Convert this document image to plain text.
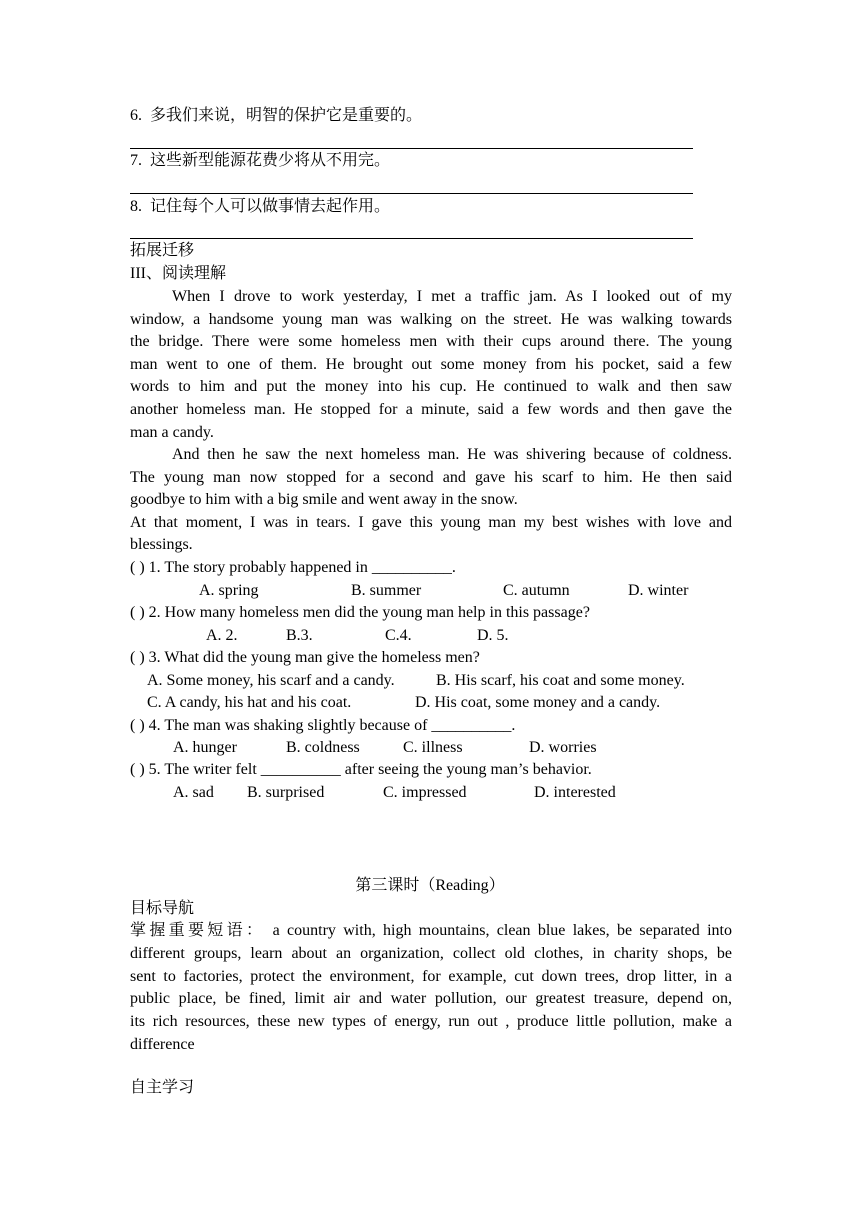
6. 多我们来说，明智的保护它是重要的。
7. 这些新型能源花费少将从不用完。
8. 记住每个人可以做事情去起作用。
拓展迁移
III、阅读理解
When I drove to work yesterday, I met a traffic jam. As I looked out of my
window, a handsome young man was walking on the street. He was walking towards
the bridge. There were some homeless men with their cups around there. The young
man went to one of them. He brought out some money from his pocket, said a few
words to him and put the money into his cup. He continued to walk and then saw
another homeless man. He stopped for a minute, said a few words and then gave the
man a candy.
And then he saw the next homeless man. He was shivering because of coldness.
The young man now stopped for a second and gave his scarf to him. He then said
goodbye to him with a big smile and went away in the snow.
At that moment, I was in tears. I gave this young man my best wishes with love and
blessings.
( ) 1. The story probably happened in __________.
A. spring	B. summer	C. autumn	D. winter
( ) 2. How many homeless men did the young man help in this passage?
A. 2.	B.3.	C.4.	D. 5.
( ) 3. What did the young man give the homeless men?
A. Some money, his scarf and a candy.	B. His scarf, his coat and some money.
C. A candy, his hat and his coat.	D. His coat, some money and a candy.
( ) 4. The man was shaking slightly because of __________.
A. hunger	B. coldness	C. illness	D. worries
( ) 5. The writer felt __________ after seeing the young man’s behavior.
A. sad B. surprised	C. impressed	D. interested
第三课时（Reading）
目标导航
掌握重要短语： a country with, high mountains, clean blue lakes, be separated into
different groups, learn about an organization, collect old clothes, in charity shops, be
sent to factories, protect the environment, for example, cut down trees, drop litter, in a
public place, be fined, limit air and water pollution, our greatest treasure, depend on,
its rich resources, these new types of energy, run out , produce little pollution, make a
difference
自主学习
